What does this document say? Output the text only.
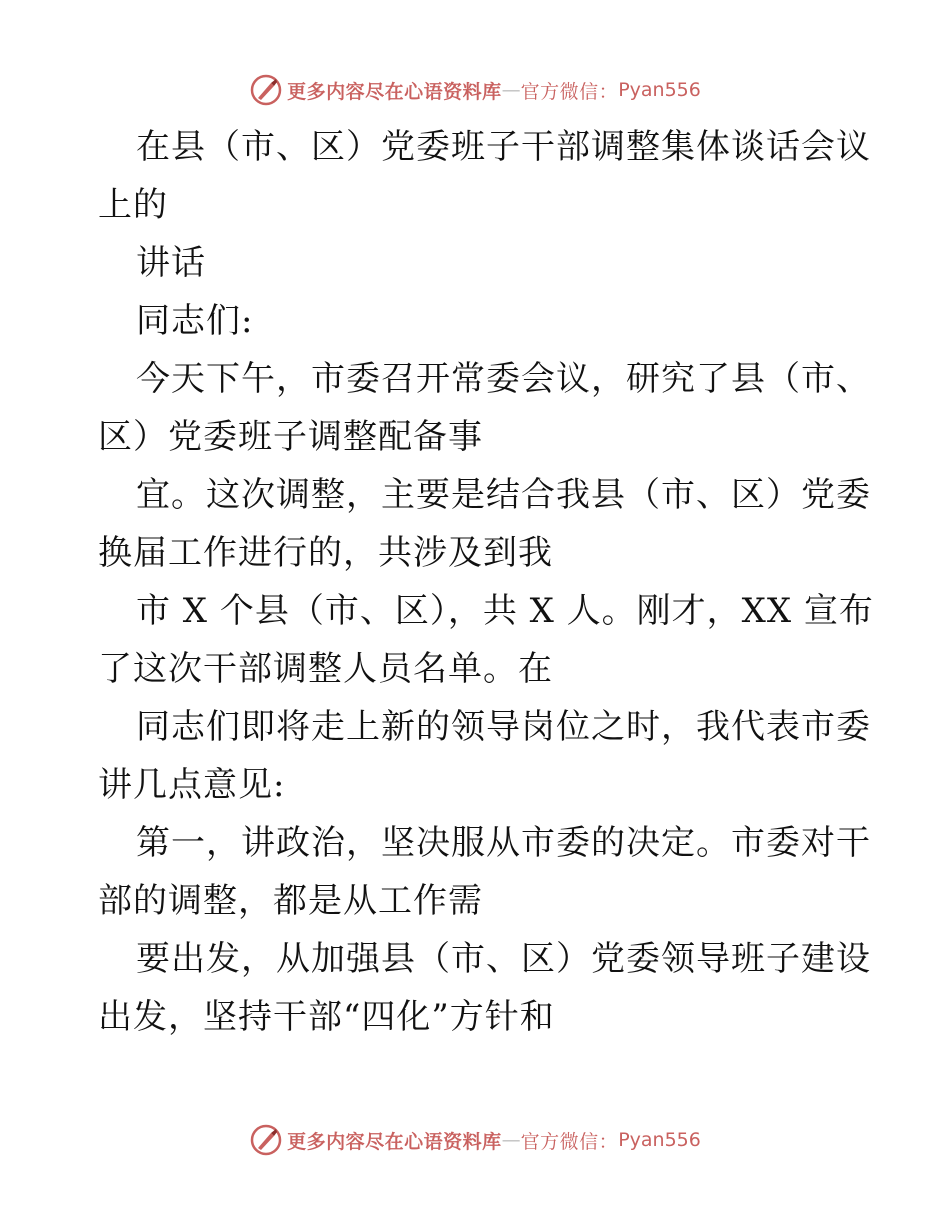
更多内容尽在心语资料库 — 官方微信： Pyan556
在县（市、区）党委班子干部调整集体谈话会议
上的
讲话
同志们:
今天下午，市委召开常委会议，研究了县（市、
区）党委班子调整配备事
宜。这次调整，主要是结合我县（市、区）党委
换届工作进行的，共涉及到我
市 X 个县（市、区），共 X 人。刚才，XX 宣布
了这次干部调整人员名单。在
同志们即将走上新的领导岗位之时，我代表市委
讲几点意见:
第一，讲政治，坚决服从市委的决定。市委对干
部的调整，都是从工作需
要出发，从加强县（市、区）党委领导班子建设
出发，坚持干部“四化”方针和
更多内容尽在心语资料库 — 官方微信： Pyan556
